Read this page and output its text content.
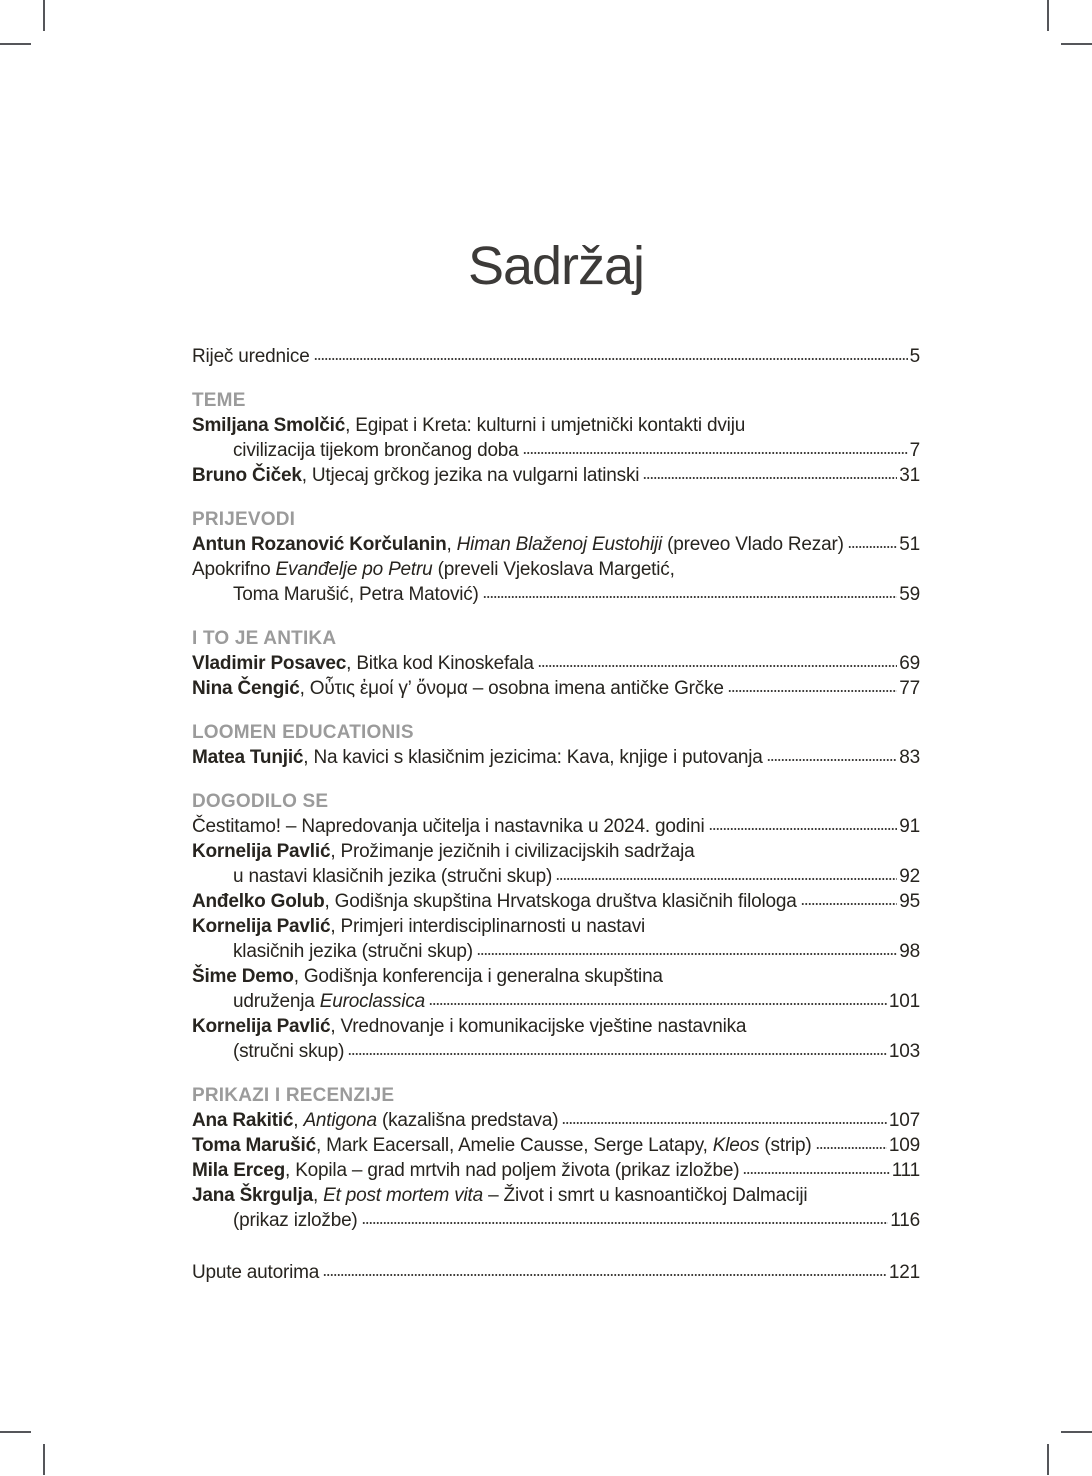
Sadržaj
Riječ urednice	5
TEME
Smiljana Smolčić, Egipat i Kreta: kulturni i umjetnički kontakti dviju
civilizacija tijekom brončanog doba	7
Bruno Čiček, Utjecaj grčkog jezika na vulgarni latinski	31
PRIJEVODI
Antun Rozanović Korčulanin, Himan Blaženoj Eustohiji (preveo Vlado Rezar)	51
Apokrifno Evanđelje po Petru (preveli Vjekoslava Margetić,
Toma Marušić, Petra Matović)	59
I TO JE ANTIKA
Vladimir Posavec, Bitka kod Kinoskefala	69
Nina Čengić, Οὖτις ἐμοί γ’ ὄνομα – osobna imena antičke Grčke	77
LOOMEN EDUCATIONIS
Matea Tunjić, Na kavici s klasičnim jezicima: Kava, knjige i putovanja	83
DOGODILO SE
Čestitamo! – Napredovanja učitelja i nastavnika u 2024. godini	91
Kornelija Pavlić, Prožimanje jezičnih i civilizacijskih sadržaja
u nastavi klasičnih jezika (stručni skup)	92
Anđelko Golub, Godišnja skupština Hrvatskoga društva klasičnih filologa	95
Kornelija Pavlić, Primjeri interdisciplinarnosti u nastavi
klasičnih jezika (stručni skup)	98
Šime Demo, Godišnja konferencija i generalna skupština
udruženja Euroclassica	101
Kornelija Pavlić, Vrednovanje i komunikacijske vještine nastavnika
(stručni skup)	103
PRIKAZI I RECENZIJE
Ana Rakitić, Antigona (kazališna predstava)	107
Toma Marušić, Mark Eacersall, Amelie Causse, Serge Latapy, Kleos (strip)	109
Mila Erceg, Kopila – grad mrtvih nad poljem života (prikaz izložbe)	111
Jana Škrgulja, Et post mortem vita – Život i smrt u kasnoantičkoj Dalmaciji
(prikaz izložbe)	116
Upute autorima	121
